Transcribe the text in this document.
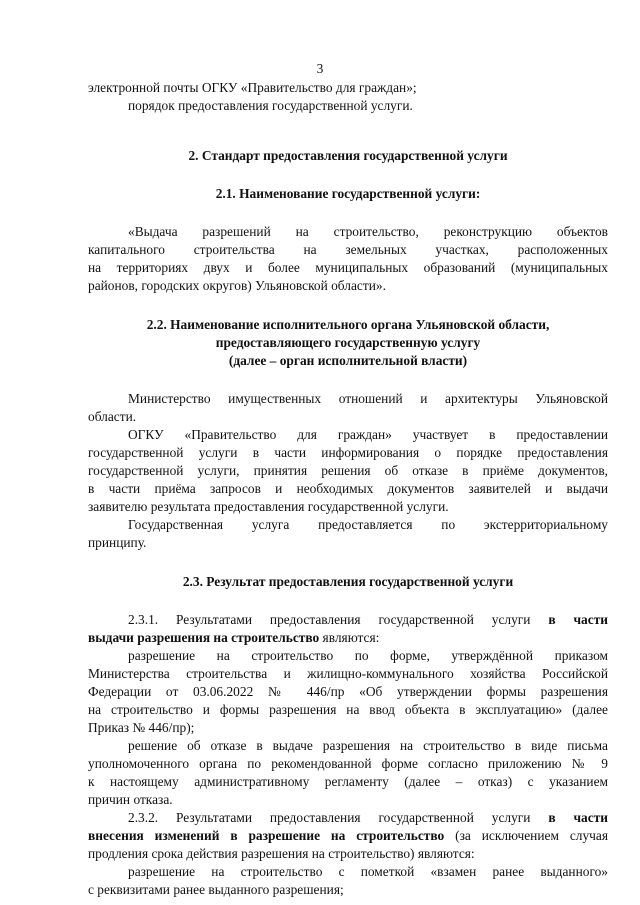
3

электронной почты ОГКУ «Правительство для граждан»;

порядок предоставления государственной услуги.

2. Стандарт предоставления государственной услуги

2.1. Наименование государственной услуги:

«Выдача разрешений на строительство, реконструкцию объектов

капитального строительства на земельных участках, расположенных

на территориях двух и более муниципальных образований (муниципальных

районов, городских округов) Ульяновской области».

2.2. Наименование исполнительного органа Ульяновской области,

предоставляющего государственную услугу

(далее – орган исполнительной власти)

Министерство имущественных отношений и архитектуры Ульяновской

области.

ОГКУ «Правительство для граждан» участвует в предоставлении

государственной услуги в части информирования о порядке предоставления

государственной услуги, принятия решения об отказе в приёме документов,

в части приёма запросов и необходимых документов заявителей и выдачи

заявителю результата предоставления государственной услуги.

Государственная услуга предоставляется по экстерриториальному

принципу.

2.3. Результат предоставления государственной услуги

2.3.1. Результатами предоставления государственной услуги в части

выдачи разрешения на строительство являются:

разрешение на строительство по форме, утверждённой приказом

Министерства строительства и жилищно-коммунального хозяйства Российской

Федерации от 03.06.2022 № 446/пр «Об утверждении формы разрешения

на строительство и формы разрешения на ввод объекта в эксплуатацию» (далее

Приказ № 446/пр);

решение об отказе в выдаче разрешения на строительство в виде письма

уполномоченного органа по рекомендованной форме согласно приложению № 9

к настоящему административному регламенту (далее – отказ) с указанием

причин отказа.

2.3.2. Результатами предоставления государственной услуги в части

внесения изменений в разрешение на строительство (за исключением случая

продления срока действия разрешения на строительство) являются:

разрешение на строительство с пометкой «взамен ранее выданного»

с реквизитами ранее выданного разрешения;
